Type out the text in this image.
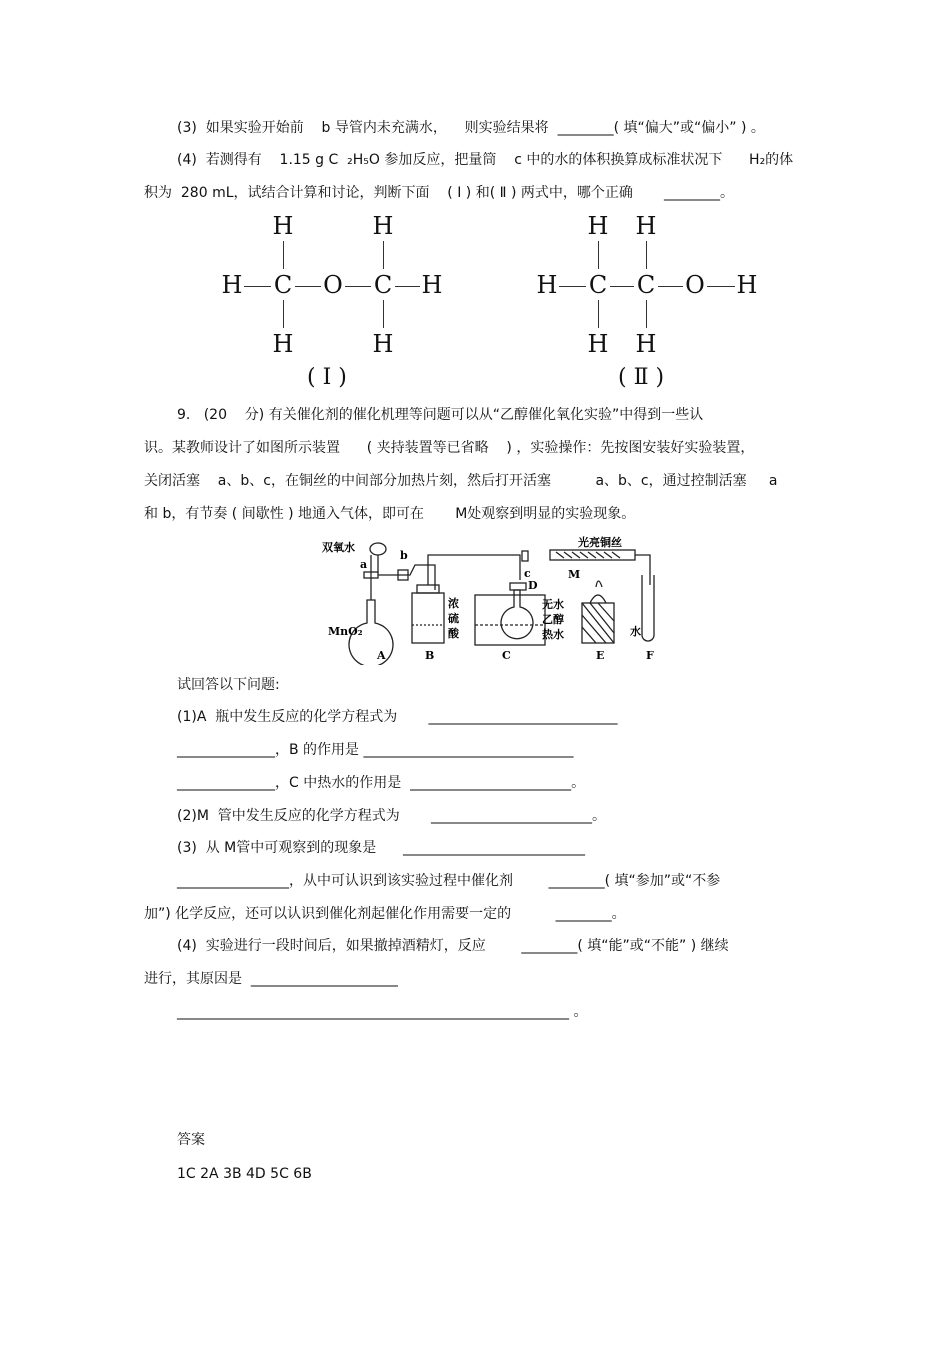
(3)  如果实验开始前    b 导管内未充满水，    则实验结果将  ________( 填“偏大”或“偏小” ) 。
(4)  若测得有    1.15 g C  ₂H₅O 参加反应，把量筒    c 中的水的体积换算成标准状况下      H₂的体
积为  280 mL，试结合计算和讨论，判断下面    ( Ⅰ ) 和( Ⅱ ) 两式中，哪个正确       ________。
H	H
H C O C H
H	H
( Ⅰ )
H H
H C C O H
H H
( Ⅱ )
9.   (20    分) 有关催化剂的催化机理等问题可以从“乙醇催化氧化实验”中得到一些认
识。某教师设计了如图所示装置      ( 夹持装置等已省略    ) ，实验操作：先按图安装好实验装置，
关闭活塞    a、b、c，在铜丝的中间部分加热片刻，然后打开活塞          a、b、c，通过控制活塞     a
和 b，有节奏 ( 间歇性 ) 地通入气体，即可在       M处观察到明显的实验现象。
双氧水
a
b
MnO₂
浓
硫
酸
c
D
无水
乙醇
热水
光亮铜丝
M
水
A	B	C	E	F
试回答以下问题:
(1)A  瓶中发生反应的化学方程式为       ___________________________
______________，B 的作用是 ______________________________
______________，C 中热水的作用是  _______________________。
(2)M  管中发生反应的化学方程式为       _______________________。
(3)  从 M管中可观察到的现象是      __________________________
________________，从中可认识到该实验过程中催化剂        ________( 填“参加”或“不参
加”) 化学反应，还可以认识到催化剂起催化作用需要一定的          ________。
(4)  实验进行一段时间后，如果撤掉酒精灯，反应        ________( 填“能”或“不能” ) 继续
进行，其原因是  _____________________
________________________________________________________ 。
答案
1C 2A 3B 4D 5C 6B
